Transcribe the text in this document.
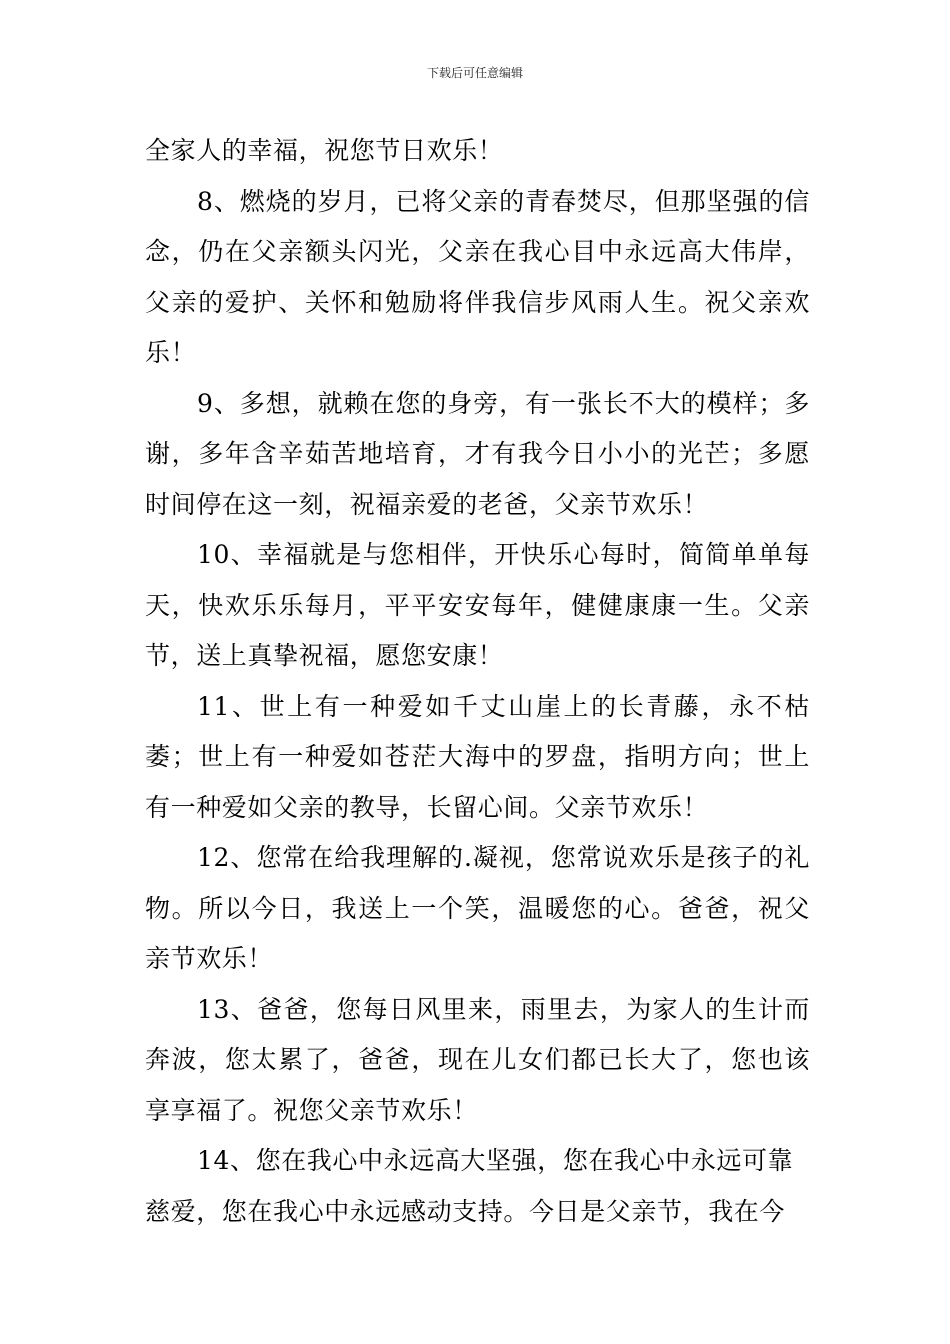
下载后可任意编辑

全家人的幸福，祝您节日欢乐！

8、燃烧的岁月，已将父亲的青春焚尽，但那坚强的信念，仍在父亲额头闪光，父亲在我心目中永远高大伟岸，父亲的爱护、关怀和勉励将伴我信步风雨人生。祝父亲欢乐！

9、多想，就赖在您的身旁，有一张长不大的模样；多谢，多年含辛茹苦地培育，才有我今日小小的光芒；多愿时间停在这一刻，祝福亲爱的老爸，父亲节欢乐！

10、幸福就是与您相伴，开快乐心每时，简简单单每天，快欢乐乐每月，平平安安每年，健健康康一生。父亲节，送上真挚祝福，愿您安康！

11、世上有一种爱如千丈山崖上的长青藤，永不枯萎；世上有一种爱如苍茫大海中的罗盘，指明方向；世上有一种爱如父亲的教导，长留心间。父亲节欢乐！

12、您常在给我理解的.凝视，您常说欢乐是孩子的礼物。所以今日，我送上一个笑，温暖您的心。爸爸，祝父亲节欢乐！

13、爸爸，您每日风里来，雨里去，为家人的生计而奔波，您太累了，爸爸，现在儿女们都已长大了，您也该享享福了。祝您父亲节欢乐！

14、您在我心中永远高大坚强，您在我心中永远可靠慈爱，您在我心中永远感动支持。今日是父亲节，我在今
